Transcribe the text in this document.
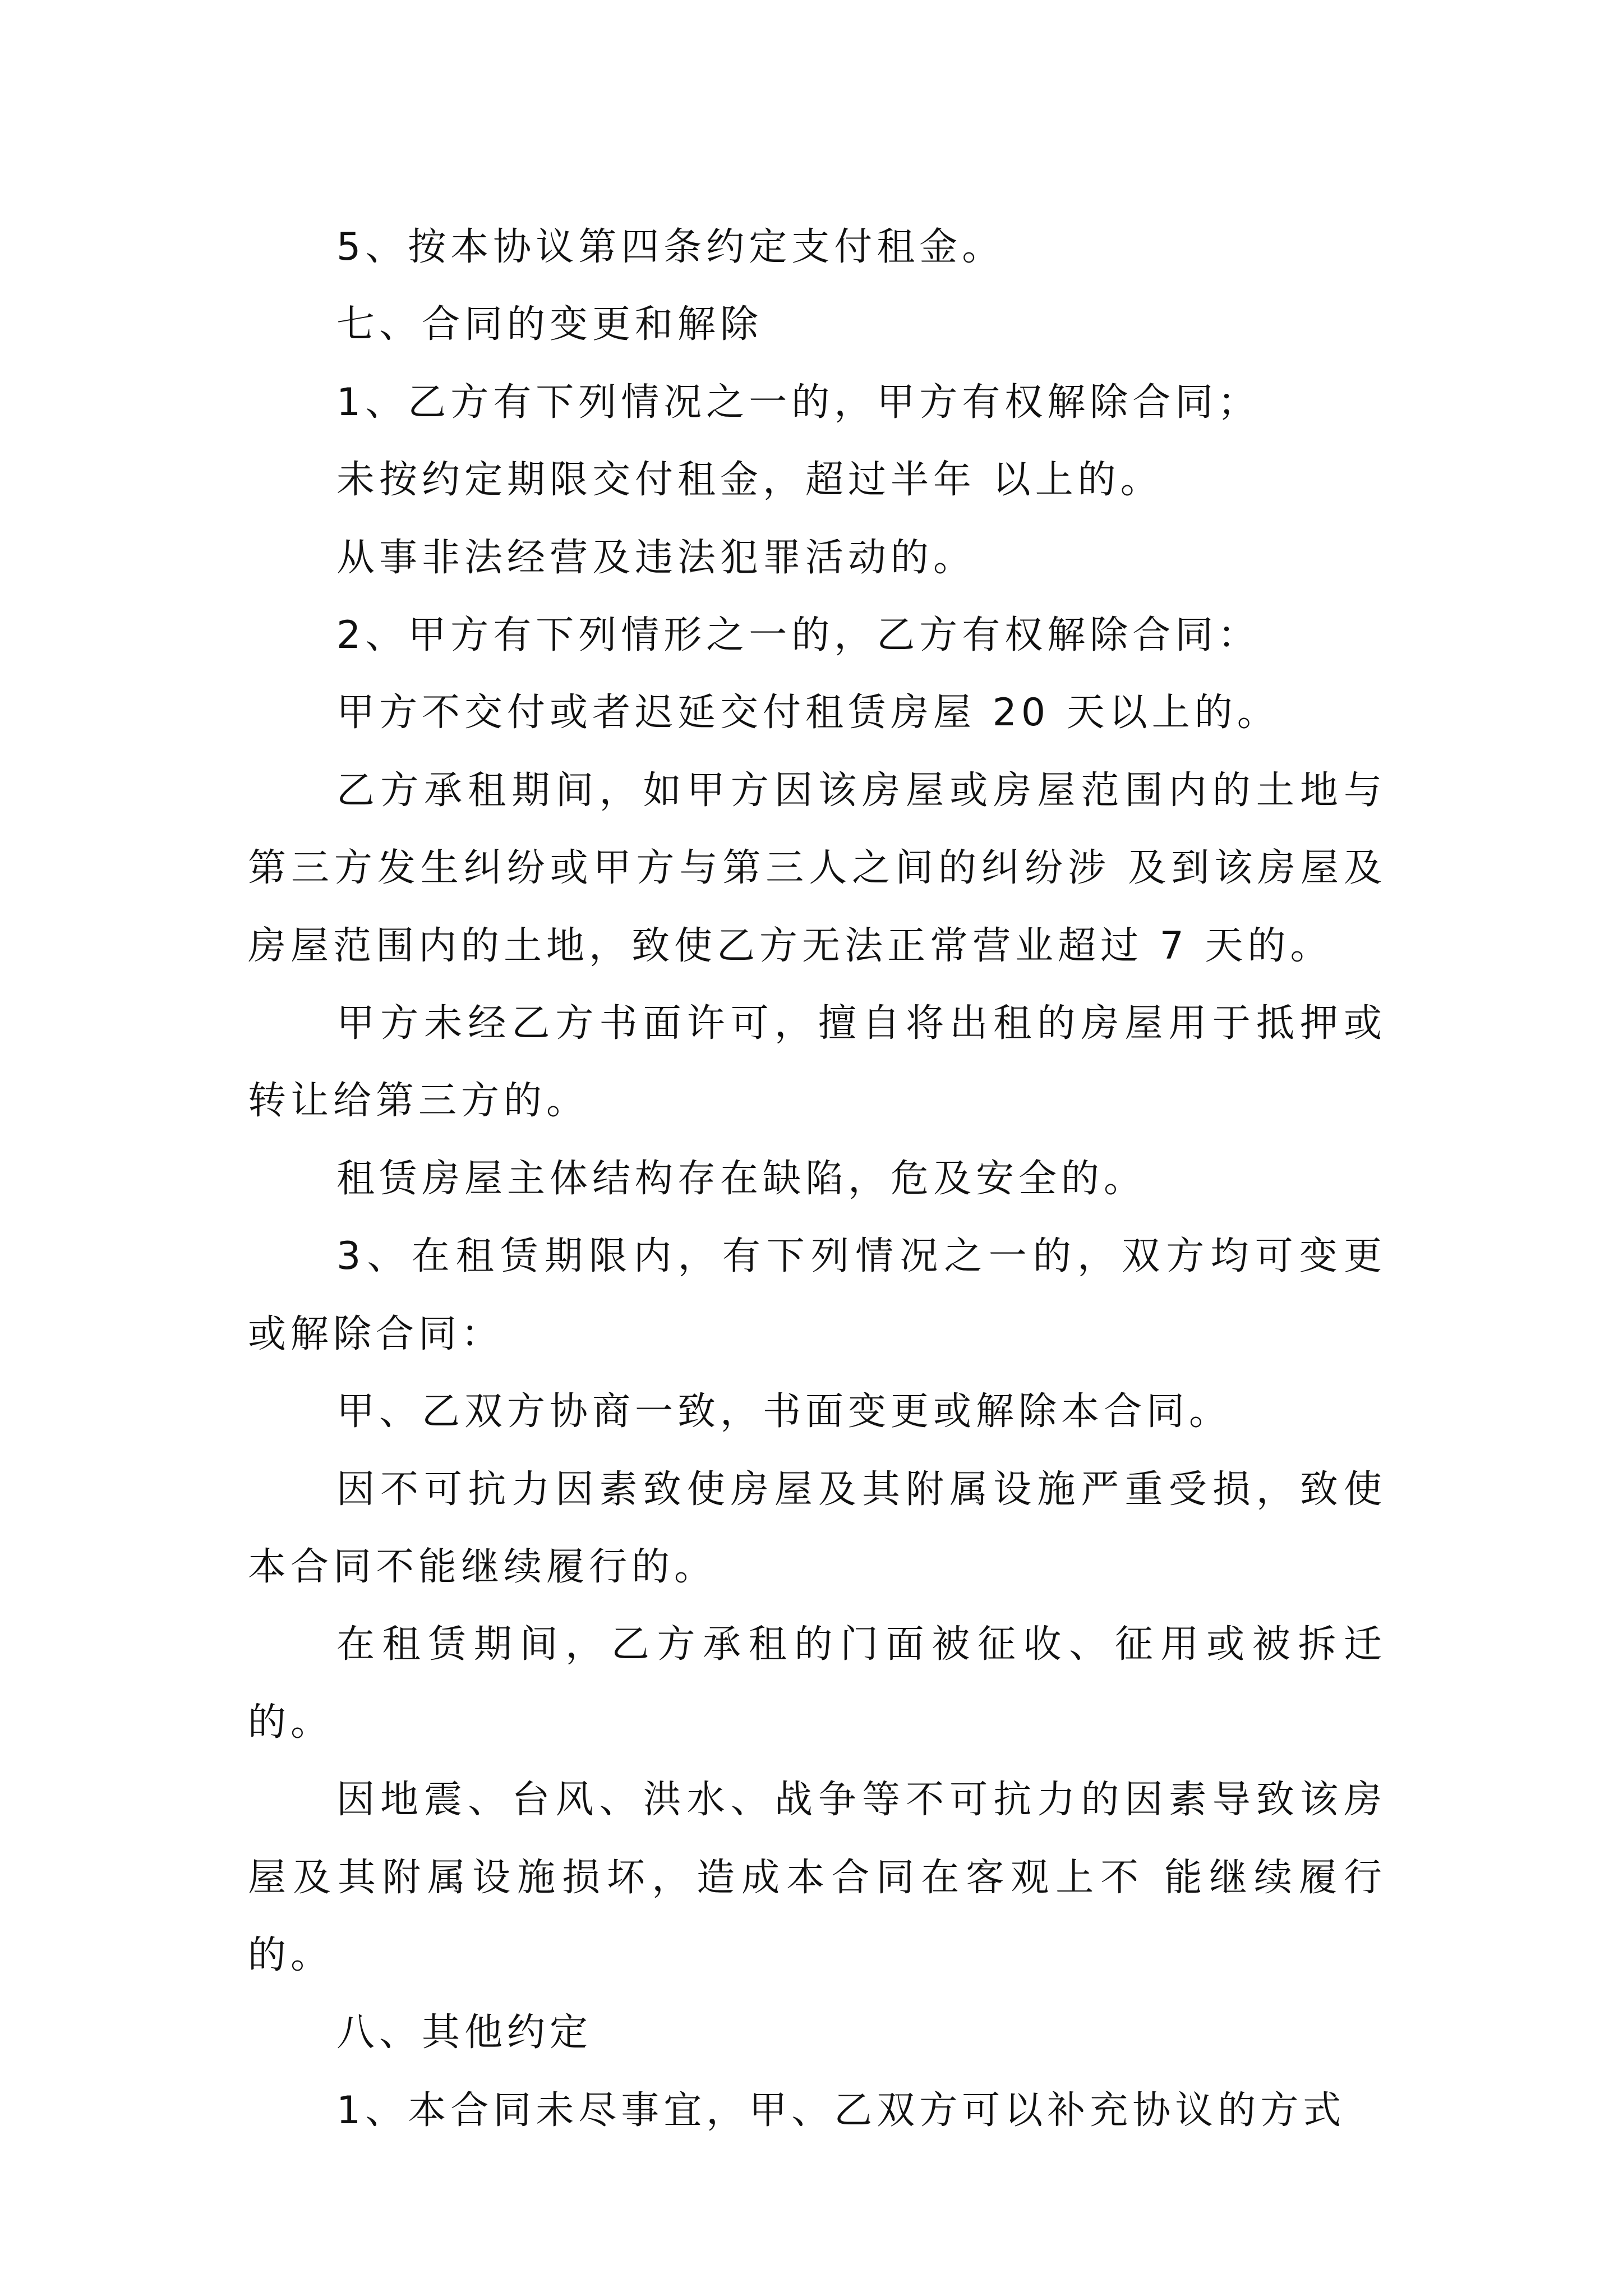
5、按本协议第四条约定支付租金。

七、合同的变更和解除

1、乙方有下列情况之一的，甲方有权解除合同；

未按约定期限交付租金，超过半年 以上的。

从事非法经营及违法犯罪活动的。

2、甲方有下列情形之一的，乙方有权解除合同：

甲方不交付或者迟延交付租赁房屋 20 天以上的。

乙方承租期间，如甲方因该房屋或房屋范围内的土地与第三方发生纠纷或甲方与第三人之间的纠纷涉 及到该房屋及房屋范围内的土地，致使乙方无法正常营业超过 7 天的。

甲方未经乙方书面许可，擅自将出租的房屋用于抵押或转让给第三方的。

租赁房屋主体结构存在缺陷，危及安全的。

3、在租赁期限内，有下列情况之一的，双方均可变更或解除合同：

甲、乙双方协商一致，书面变更或解除本合同。

因不可抗力因素致使房屋及其附属设施严重受损，致使本合同不能继续履行的。

在租赁期间，乙方承租的门面被征收、征用或被拆迁的。

因地震、台风、洪水、战争等不可抗力的因素导致该房屋及其附属设施损坏，造成本合同在客观上不 能继续履行的。

八、其他约定

1、本合同未尽事宜，甲、乙双方可以补充协议的方式
